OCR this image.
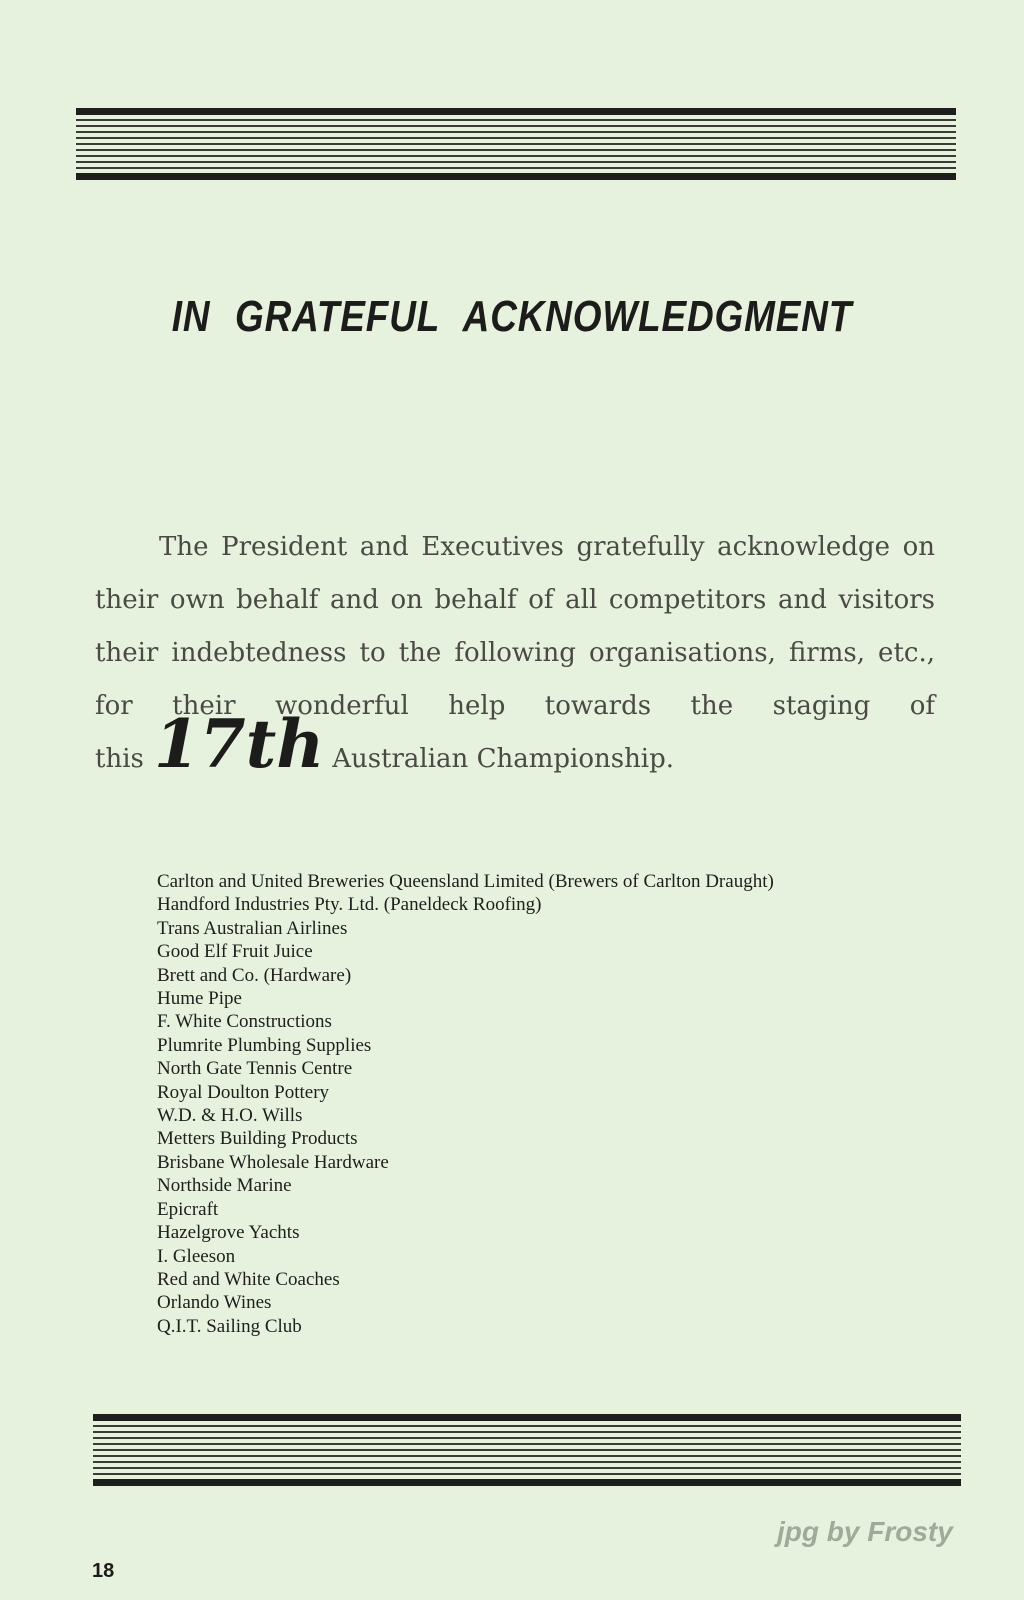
IN GRATEFUL ACKNOWLEDGMENT

The President and Executives gratefully acknowledge on their own behalf and on behalf of all competitors and visitors their indebtedness to the following organisations, firms, etc., for their wonderful help towards the staging of this 17th Australian Championship.

Carlton and United Breweries Queensland Limited (Brewers of Carlton Draught)
Handford Industries Pty. Ltd. (Paneldeck Roofing)
Trans Australian Airlines
Good Elf Fruit Juice
Brett and Co. (Hardware)
Hume Pipe
F. White Constructions
Plumrite Plumbing Supplies
North Gate Tennis Centre
Royal Doulton Pottery
W.D. & H.O. Wills
Metters Building Products
Brisbane Wholesale Hardware
Northside Marine
Epicraft
Hazelgrove Yachts
I. Gleeson
Red and White Coaches
Orlando Wines
Q.I.T. Sailing Club
jpg by Frosty
18
